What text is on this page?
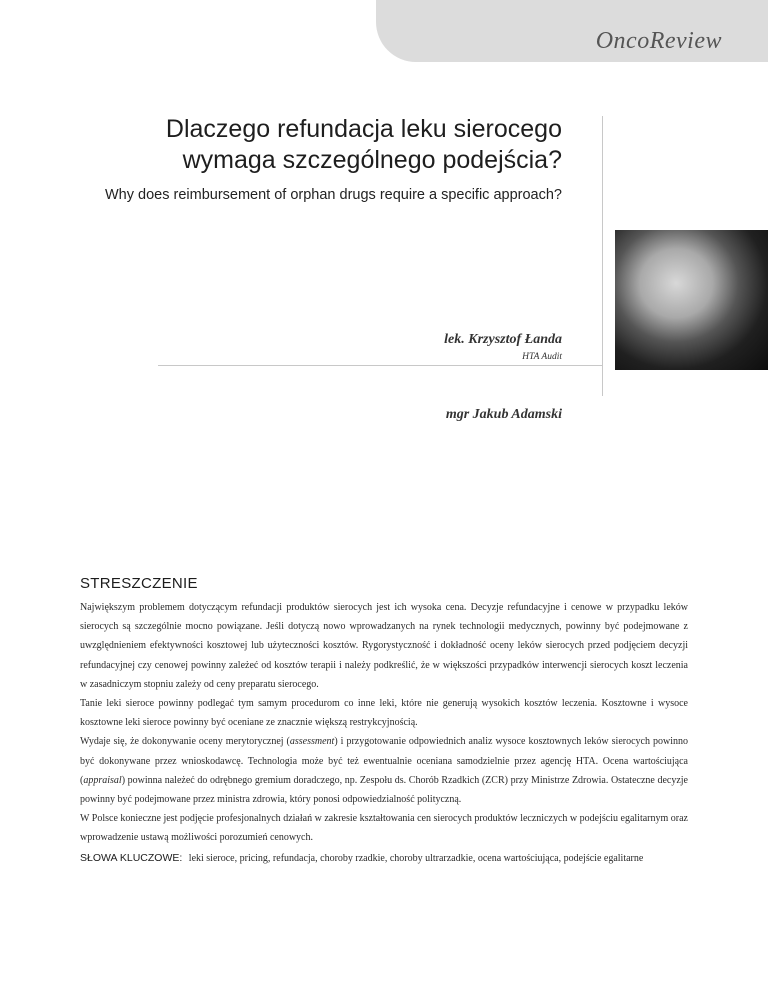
OncoReview
Dlaczego refundacja leku sierocego
wymaga szczególnego podejścia?
Why does reimbursement of orphan drugs require a specific approach?
lek. Krzysztof Łanda
HTA Audit
mgr Jakub Adamski
STRESZCZENIE

Największym problemem dotyczącym refundacji produktów sierocych jest ich wysoka cena. Decyzje refundacyjne i cenowe w przypadku leków sierocych są szczególnie mocno powiązane. Jeśli dotyczą nowo wprowadzanych na rynek technologii medycznych, powinny być podejmowane z uwzględnieniem efektywności kosztowej lub użyteczności kosztów. Rygorystyczność i dokładność oceny leków sierocych przed podjęciem decyzji refundacyjnej czy cenowej powinny zależeć od kosztów terapii i należy podkreślić, że w większości przypadków interwencji sierocych koszt leczenia w zasadniczym stopniu zależy od ceny preparatu sierocego.

Tanie leki sieroce powinny podlegać tym samym procedurom co inne leki, które nie generują wysokich kosztów leczenia. Kosztowne i wysoce kosztowne leki sieroce powinny być oceniane ze znacznie większą restrykcyjnością.

Wydaje się, że dokonywanie oceny merytorycznej (assessment) i przygotowanie odpowiednich analiz wysoce kosztownych leków sierocych powinno być dokonywane przez wnioskodawcę. Technologia może być też ewentualnie oceniana samodzielnie przez agencję HTA. Ocena wartościująca (appraisal) powinna należeć do odrębnego gremium doradczego, np. Zespołu ds. Chorób Rzadkich (ZCR) przy Ministrze Zdrowia. Ostateczne decyzje powinny być podejmowane przez ministra zdrowia, który ponosi odpowiedzialność polityczną.

W Polsce konieczne jest podjęcie profesjonalnych działań w zakresie kształtowania cen sierocych produktów leczniczych w podejściu egalitarnym oraz wprowadzenie ustawą możliwości porozumień cenowych.

SŁOWA KLUCZOWE: leki sieroce, pricing, refundacja, choroby rzadkie, choroby ultrarzadkie, ocena wartościująca, podejście egalitarne
